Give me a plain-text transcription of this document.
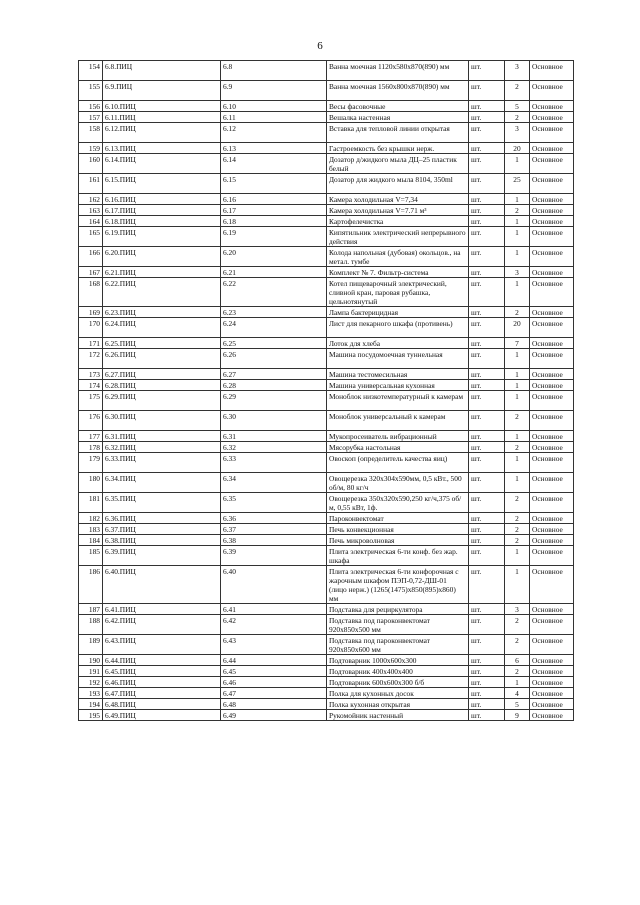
6
154	6.8.ПИЦ	6.8	Ванна моечная 1120х580х870(890) мм	шт.	3	Основное
155	6.9.ПИЦ	6.9	Ванна моечная 1560х800х870(890) мм	шт.	2	Основное
156	6.10.ПИЦ	6.10	Весы фасовочные	шт.	5	Основное
157	6.11.ПИЦ	6.11	Вешалка настенная	шт.	2	Основное
158	6.12.ПИЦ	6.12	Вставка для тепловой линии открытая	шт.	3	Основное
159	6.13.ПИЦ	6.13	Гастроемкость без крышки нерж.	шт.	20	Основное
160	6.14.ПИЦ	6.14	Дозатор д/жидкого мыла ДЦ–25 пластик белый	шт.	1	Основное
161	6.15.ПИЦ	6.15	Дозатор для жидкого мыла 8104, 350ml	шт.	25	Основное
162	6.16.ПИЦ	6.16	Камера холодильная V=7,34	шт.	1	Основное
163	6.17.ПИЦ	6.17	Камера холодильная V=7.71 м³	шт.	2	Основное
164	6.18.ПИЦ	6.18	Картофелечистка	шт.	1	Основное
165	6.19.ПИЦ	6.19	Кипятильник электрический непрерывного действия	шт.	1	Основное
166	6.20.ПИЦ	6.20	Колода напольная (дубовая) окольцов., на метал. тумбе	шт.	1	Основное
167	6.21.ПИЦ	6.21	Комплект № 7. Фильтр-система	шт.	3	Основное
168	6.22.ПИЦ	6.22	Котел пищеварочный электрический, сливной кран, паровая рубашка, цельнотянутый	шт.	1	Основное
169	6.23.ПИЦ	6.23	Лампа бактерицидная	шт.	2	Основное
170	6.24.ПИЦ	6.24	Лист для пекарного шкафа (противень)	шт.	20	Основное
171	6.25.ПИЦ	6.25	Лоток для хлеба	шт.	7	Основное
172	6.26.ПИЦ	6.26	Машина посудомоечная туннельная	шт.	1	Основное
173	6.27.ПИЦ	6.27	Машина тестомесильная	шт.	1	Основное
174	6.28.ПИЦ	6.28	Машина универсальная кухонная	шт.	1	Основное
175	6.29.ПИЦ	6.29	Моноблок низкотемпературный к камерам	шт.	1	Основное
176	6.30.ПИЦ	6.30	Моноблок универсальный к камерам	шт.	2	Основное
177	6.31.ПИЦ	6.31	Мукопросеиватель вибрационный	шт.	1	Основное
178	6.32.ПИЦ	6.32	Мясорубка настольная	шт.	2	Основное
179	6.33.ПИЦ	6.33	Овоскоп (определитель качества яиц)	шт.	1	Основное
180	6.34.ПИЦ	6.34	Овощерезка 320х304х590мм, 0,5 кВт., 500 об/м, 80 кг/ч	шт.	1	Основное
181	6.35.ПИЦ	6.35	Овощерезка 350х320х590,250 кг/ч,375 об/м, 0,55 кВт, 1ф.	шт.	2	Основное
182	6.36.ПИЦ	6.36	Пароконвектомат	шт.	2	Основное
183	6.37.ПИЦ	6.37	Печь конвекционная	шт.	2	Основное
184	6.38.ПИЦ	6.38	Печь микроволновая	шт.	2	Основное
185	6.39.ПИЦ	6.39	Плита электрическая 6-ти конф. без жар. шкафа	шт.	1	Основное
186	6.40.ПИЦ	6.40	Плита электрическая 6-ти конфорочная с жарочным шкафом ПЭП-0,72-ДШ-01 (лицо нерж.) (1265(1475)х850(895)х860) мм	шт.	1	Основное
187	6.41.ПИЦ	6.41	Подставка для рециркулятора	шт.	3	Основное
188	6.42.ПИЦ	6.42	Подставка под пароконвектомат 920х850х500 мм	шт.	2	Основное
189	6.43.ПИЦ	6.43	Подставка под пароконвектомат 920х850х600 мм	шт.	2	Основное
190	6.44.ПИЦ	6.44	Подтоварник 1000х600х300	шт.	6	Основное
191	6.45.ПИЦ	6.45	Подтоварник 400х400х400	шт.	2	Основное
192	6.46.ПИЦ	6.46	Подтоварник 600х600х300 б/б	шт.	1	Основное
193	6.47.ПИЦ	6.47	Полка для кухонных досок	шт.	4	Основное
194	6.48.ПИЦ	6.48	Полка кухонная открытая	шт.	5	Основное
195	6.49.ПИЦ	6.49	Рукомойник настенный	шт.	9	Основное
